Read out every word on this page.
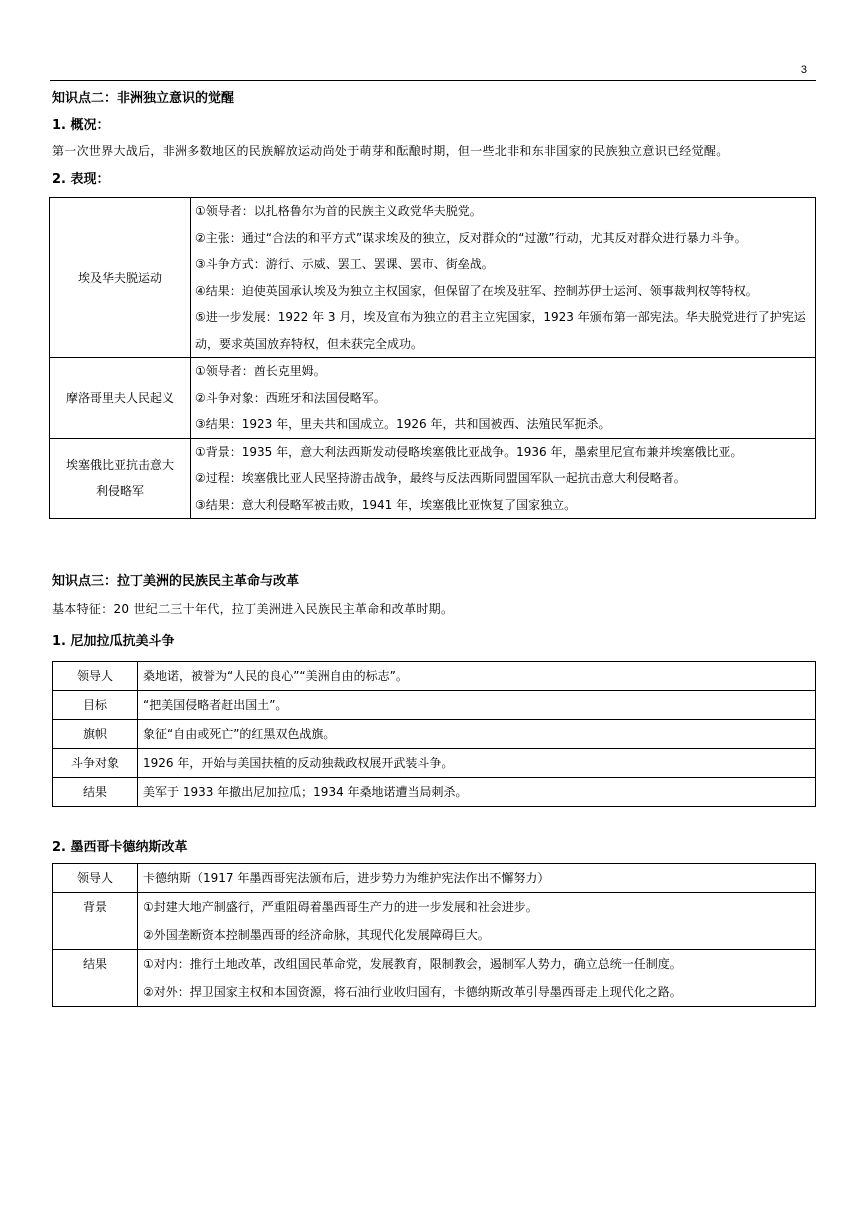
3
知识点二：非洲独立意识的觉醒
1. 概况：

第一次世界大战后，非洲多数地区的民族解放运动尚处于萌芽和酝酿时期，但一些北非和东非国家的民族独立意识已经觉醒。

2. 表现：
埃及华夫脱运动	①领导者：以扎格鲁尔为首的民族主义政党华夫脱党。
②主张：通过“合法的和平方式”谋求埃及的独立，反对群众的“过激”行动，尤其反对群众进行暴力斗争。
③斗争方式：游行、示威、罢工、罢课、罢市、街垒战。
④结果：迫使英国承认埃及为独立主权国家，但保留了在埃及驻军、控制苏伊士运河、领事裁判权等特权。
⑤进一步发展：1922 年 3 月，埃及宣布为独立的君主立宪国家，1923 年颁布第一部宪法。华夫脱党进行了护宪运动，要求英国放弃特权，但未获完全成功。

摩洛哥里夫人民起义	①领导者：酋长克里姆。
②斗争对象：西班牙和法国侵略军。
③结果：1923 年，里夫共和国成立。1926 年，共和国被西、法殖民军扼杀。

埃塞俄比亚抗击意大利侵略军	①背景：1935 年，意大利法西斯发动侵略埃塞俄比亚战争。1936 年，墨索里尼宣布兼并埃塞俄比亚。
②过程：埃塞俄比亚人民坚持游击战争，最终与反法西斯同盟国军队一起抗击意大利侵略者。
③结果：意大利侵略军被击败，1941 年，埃塞俄比亚恢复了国家独立。
知识点三：拉丁美洲的民族民主革命与改革

基本特征：20 世纪二三十年代，拉丁美洲进入民族民主革命和改革时期。

1. 尼加拉瓜抗美斗争
领导人	桑地诺，被誉为“人民的良心”“美洲自由的标志”。
目标	“把美国侵略者赶出国土”。
旗帜	象征“自由或死亡”的红黑双色战旗。
斗争对象	1926 年，开始与美国扶植的反动独裁政权展开武装斗争。
结果	美军于 1933 年撤出尼加拉瓜；1934 年桑地诺遭当局刺杀。
2. 墨西哥卡德纳斯改革
领导人	卡德纳斯（1917 年墨西哥宪法颁布后，进步势力为维护宪法作出不懈努力）

背景	①封建大地产制盛行，严重阻碍着墨西哥生产力的进一步发展和社会进步。
②外国垄断资本控制墨西哥的经济命脉，其现代化发展障碍巨大。

结果	①对内：推行土地改革，改组国民革命党，发展教育，限制教会，遏制军人势力，确立总统一任制度。
②对外：捍卫国家主权和本国资源，将石油行业收归国有，卡德纳斯改革引导墨西哥走上现代化之路。
